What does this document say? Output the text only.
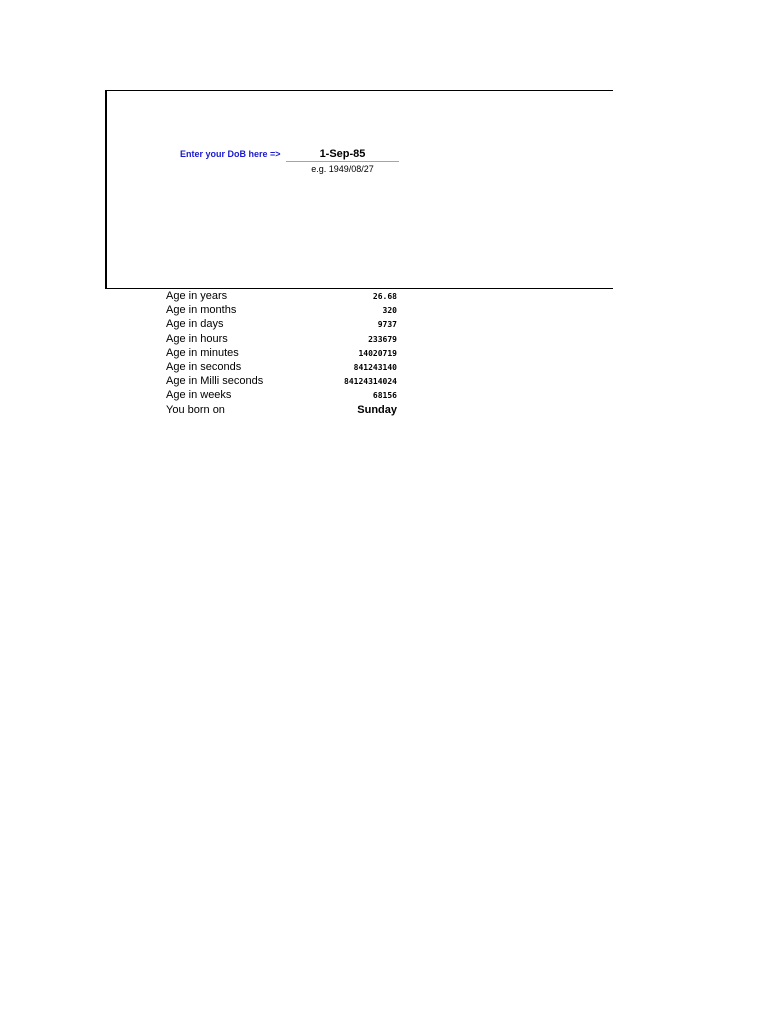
Enter your DoB here =>
1-Sep-85
e.g. 1949/08/27
Age in years	26.68
Age in months	320
Age in days	9737
Age in hours	233679
Age in minutes	14020719
Age in seconds	841243140
Age in Milli seconds	84124314024
Age in weeks	68156
You born on	Sunday
